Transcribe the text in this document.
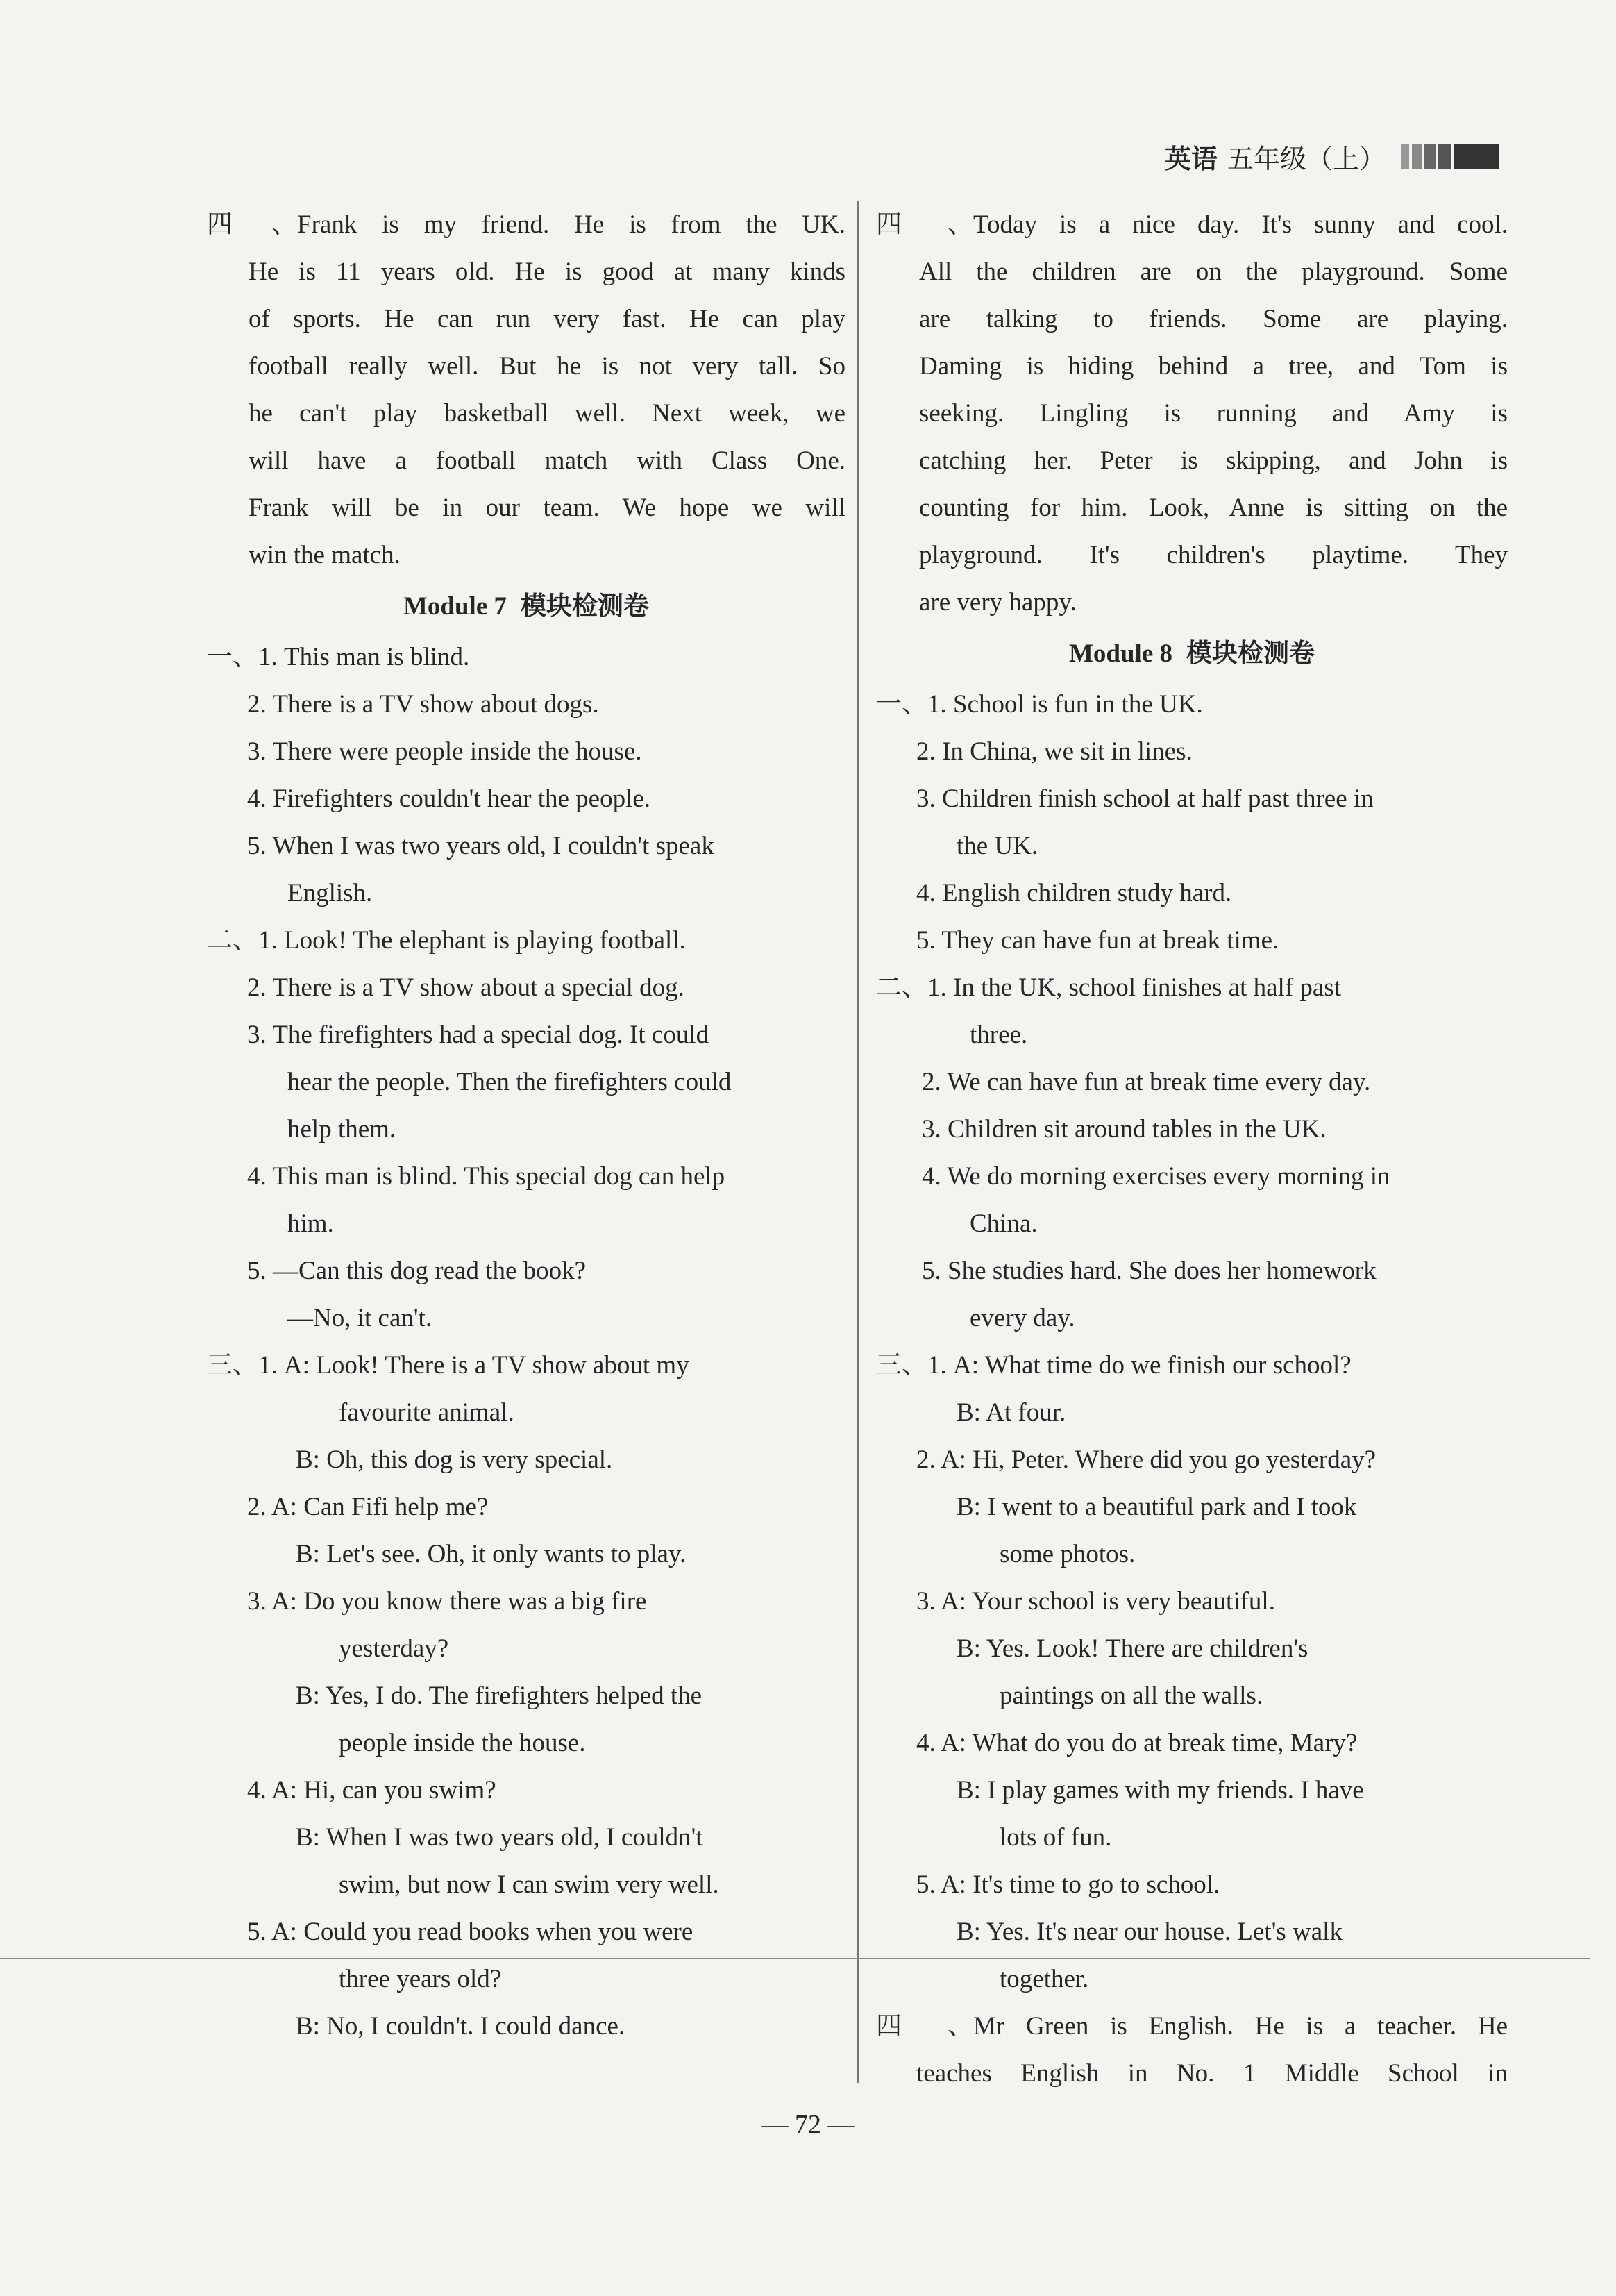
英语 五年级（上）
四、Frank is my friend. He is from the UK.
He is 11 years old. He is good at many kinds
of sports. He can run very fast. He can play
football really well. But he is not very tall. So
he can't play basketball well. Next week, we
will have a football match with Class One.
Frank will be in our team. We hope we will
win the match.
Module 7 模块检测卷
一、1. This man is blind.
2. There is a TV show about dogs.
3. There were people inside the house.
4. Firefighters couldn't hear the people.
5. When I was two years old, I couldn't speak
English.
二、1. Look! The elephant is playing football.
2. There is a TV show about a special dog.
3. The firefighters had a special dog. It could
hear the people. Then the firefighters could
help them.
4. This man is blind. This special dog can help
him.
5. —Can this dog read the book?
—No, it can't.
三、1. A: Look! There is a TV show about my
favourite animal.
B: Oh, this dog is very special.
2. A: Can Fifi help me?
B: Let's see. Oh, it only wants to play.
3. A: Do you know there was a big fire
yesterday?
B: Yes, I do. The firefighters helped the
people inside the house.
4. A: Hi, can you swim?
B: When I was two years old, I couldn't
swim, but now I can swim very well.
5. A: Could you read books when you were
three years old?
B: No, I couldn't. I could dance.
四、Today is a nice day. It's sunny and cool.
All the children are on the playground. Some
are talking to friends. Some are playing.
Daming is hiding behind a tree, and Tom is
seeking. Lingling is running and Amy is
catching her. Peter is skipping, and John is
counting for him. Look, Anne is sitting on the
playground. It's children's playtime. They
are very happy.
Module 8 模块检测卷
一、1. School is fun in the UK.
2. In China, we sit in lines.
3. Children finish school at half past three in
the UK.
4. English children study hard.
5. They can have fun at break time.
二、1. In the UK, school finishes at half past
three.
2. We can have fun at break time every day.
3. Children sit around tables in the UK.
4. We do morning exercises every morning in
China.
5. She studies hard. She does her homework
every day.
三、1. A: What time do we finish our school?
B: At four.
2. A: Hi, Peter. Where did you go yesterday?
B: I went to a beautiful park and I took
some photos.
3. A: Your school is very beautiful.
B: Yes. Look! There are children's
paintings on all the walls.
4. A: What do you do at break time, Mary?
B: I play games with my friends. I have
lots of fun.
5. A: It's time to go to school.
B: Yes. It's near our house. Let's walk
together.
四、Mr Green is English. He is a teacher. He
teaches English in No. 1 Middle School in
— 72 —
